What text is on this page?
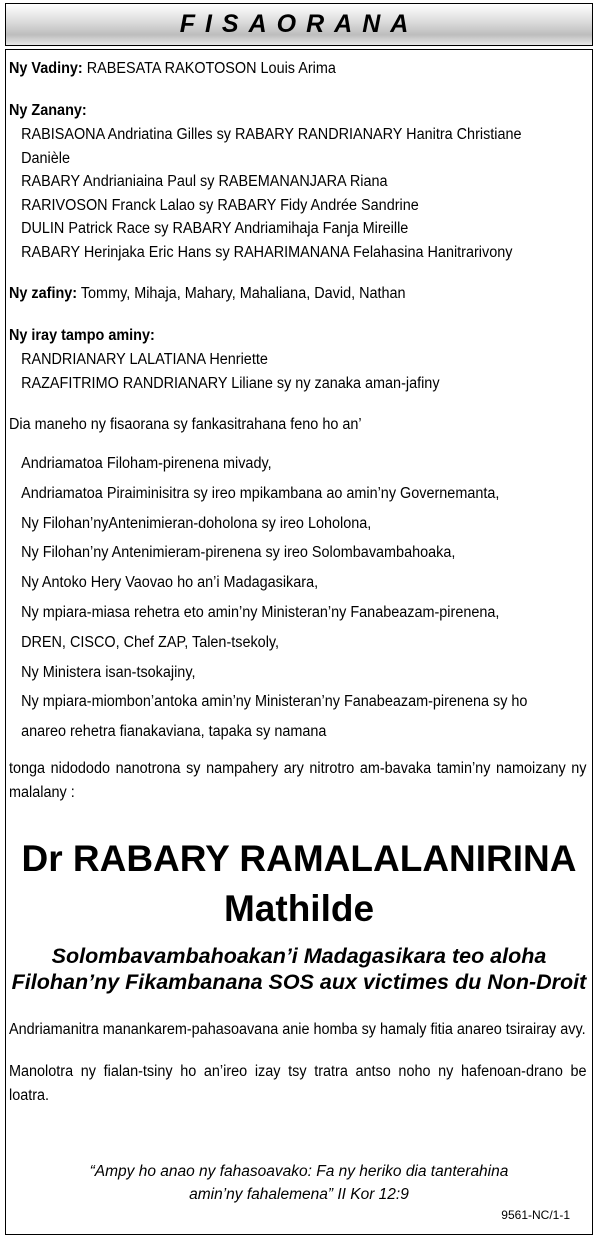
FISAORANA

Ny Vadiny: RABESATA RAKOTOSON Louis Arima

Ny Zanany:

RABISAONA Andriatina Gilles sy RABARY RANDRIANARY Hanitra Christiane

Danièle

RABARY Andrianiaina Paul sy RABEMANANJARA Riana

RARIVOSON Franck Lalao sy RABARY Fidy Andrée Sandrine

DULIN Patrick Race sy RABARY Andriamihaja Fanja Mireille

RABARY Herinjaka Eric Hans sy RAHARIMANANA Felahasina Hanitrarivony

Ny zafiny: Tommy, Mihaja, Mahary, Mahaliana, David, Nathan

Ny iray tampo aminy:

RANDRIANARY LALATIANA Henriette

RAZAFITRIMO RANDRIANARY Liliane sy ny zanaka aman-jafiny

Dia maneho ny fisaorana sy fankasitrahana feno ho an’

Andriamatoa Filoham-pirenena mivady,

Andriamatoa Piraiminisitra sy ireo mpikambana ao amin’ny Governemanta,

Ny Filohan’nyAntenimieran-doholona sy ireo Loholona,

Ny Filohan’ny Antenimieram-pirenena sy ireo Solombavambahoaka,

Ny Antoko Hery Vaovao ho an’i Madagasikara,

Ny mpiara-miasa rehetra eto amin’ny Ministeran’ny Fanabeazam-pirenena,

DREN, CISCO, Chef ZAP, Talen-tsekoly,

Ny Ministera isan-tsokajiny,

Ny mpiara-miombon’antoka amin’ny Ministeran’ny Fanabeazam-pirenena sy ho

anareo rehetra fianakaviana, tapaka sy namana

tonga nidododo nanotrona sy nampahery ary nitrotro am-bavaka tamin’ny namoizany ny malalany :

Dr RABARY RAMALALANIRINA
Mathilde
Solombavambahoakan’i Madagasikara teo aloha
Filohan’ny Fikambanana SOS aux victimes du Non-Droit

Andriamanitra manankarem-pahasoavana anie homba sy hamaly fitia anareo tsirairay avy.

Manolotra ny fialan-tsiny ho an’ireo izay tsy tratra antso noho ny hafenoan-drano be loatra.

“Ampy ho anao ny fahasoavako: Fa ny heriko dia tanterahina
amin’ny fahalemena” II Kor 12:9
9561-NC/1-1
